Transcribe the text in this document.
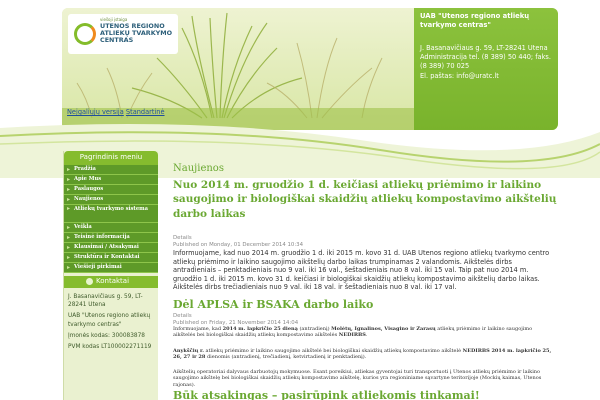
viešoji įstaiga
UTENOS REGIONO ATLIEKŲ TVARKYMO CENTRAS
UAB "Utenos regiono atliekų tvarkymo centras"
J. Basanavičiaus g. 59, LT-28241 Utena
Administracija tel. (8 389) 50 440; faks. (8 389) 70 025
El. paštas: info@uratc.lt
Neįgaliųjų versija Standartinė
Pagrindinis meniu
▸ Pradžia
▸ Apie Mus
▸ Paslaugos
▸ Naujienos
▸ Atliekų tvarkymo sistema
▸ Veikla
▸ Teisinė informacija
▸ Klausimai / Atsakymai
▸ Struktūra ir Kontaktai
▸ Viešieji pirkimai
Kontaktai
J. Basanavičiaus g. 59, LT-28241 Utena
UAB "Utenos regiono atliekų tvarkymo centras"
Įmonės kodas: 300083878
PVM kodas LT100002271119
Naujienos
Nuo 2014 m. gruodžio 1 d. keičiasi atliekų priėmimo ir laikino saugojimo ir biologiškai skaidžių atliekų kompostavimo aikštelių darbo laikas
Details
Published on Monday, 01 December 2014 10:34
Informuojame, kad nuo 2014 m. gruodžio 1 d. iki 2015 m. kovo 31 d. UAB Utenos regiono atliekų tvarkymo centro atliekų priėmimo ir laikino saugojimo aikštelių darbo laikas trumpinamas 2 valandomis. Aikštelės dirbs antradieniais – penktadieniais nuo 9 val. iki 16 val., šeštadieniais nuo 8 val. iki 15 val. Taip pat nuo 2014 m. gruodžio 1 d. iki 2015 m. kovo 31 d. keičiasi ir biologiškai skaidžių atliekų kompostavimo aikštelių darbo laikas. Aikštelės dirbs trečiadieniais nuo 9 val. iki 18 val. ir šeštadieniais nuo 8 val. iki 17 val.
Dėl APLSA ir BSAKA darbo laiko
Details
Published on Friday, 21 November 2014 14:04
Informuojame, kad 2014 m. lapkričio 25 dieną (antradienį) Molėtų, Ignalinos, Visagino ir Zarasų atliekų priėmimo ir laikino saugojimo aikštelės bei biologiškai skaidžių atliekų kompostavimo aikštelės NEDIRBS.
Anykščių r. atliekų priėmimo ir laikino saugojimo aikštelė bei biologiškai skaidžių atliekų kompostavimo aikštelė NEDIRBS 2014 m. lapkričio 25, 26, 27 ir 28 dienomis (antradienį, trečiadienį, ketvirtadienį ir penktadienį).
Aikštelių operatoriai dalyvaus darbuotojų mokymuose. Esant poreikiui, atliekas gyventojai turi transportuoti į Utenos atliekų priėmimo ir laikino saugojimo aikštelę bei biologiškai skaidžių atliekų kompostavimo aikštelę, kurios yra regioniniame sąvartyne teritorijoje (Mockių kaimas, Utenos rajonas).
Būk atsakingas – pasirūpink atliekomis tinkamai!
